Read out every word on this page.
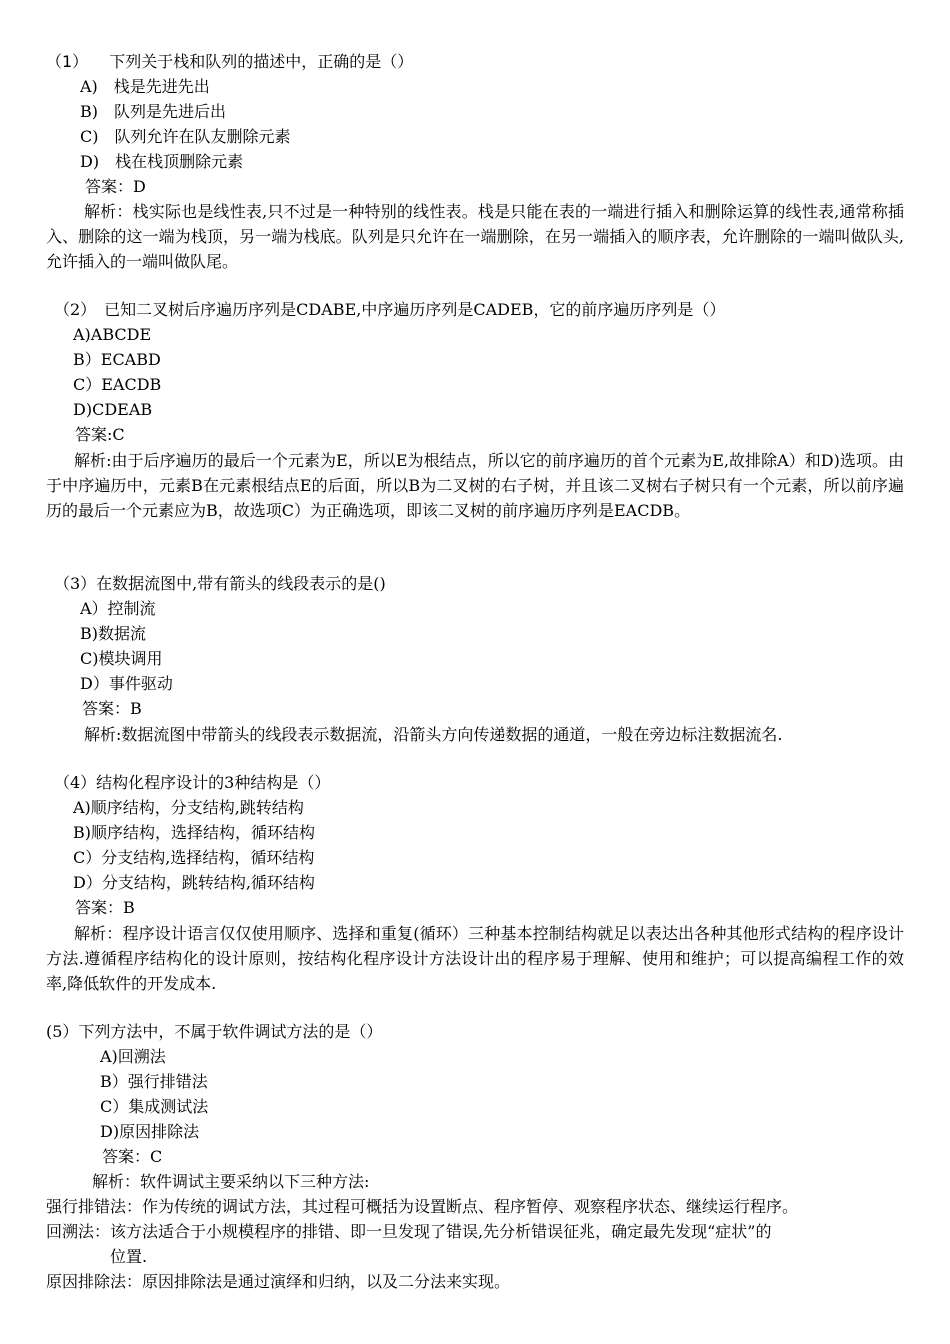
（1）  下列关于栈和队列的描述中，正确的是（）
A)　栈是先进先出
B)　队列是先进后出
C)　队列允许在队友删除元素
D)　栈在栈顶删除元素
答案：D
解析：栈实际也是线性表,只不过是一种特别的线性表。栈是只能在表的一端进行插入和删除运算的线性表,通常称插入、删除的这一端为栈顶，另一端为栈底。队列是只允许在一端删除，在另一端插入的顺序表，允许删除的一端叫做队头,允许插入的一端叫做队尾。
（2）　已知二叉树后序遍历序列是CDABE,中序遍历序列是CADEB，它的前序遍历序列是（）
A)ABCDE
B）ECABD
C）EACDB
D)CDEAB
答案:C
解析:由于后序遍历的最后一个元素为E，所以E为根结点，所以它的前序遍历的首个元素为E,故排除A）和D)选项。由于中序遍历中，元素B在元素根结点E的后面，所以B为二叉树的右子树，并且该二叉树右子树只有一个元素，所以前序遍历的最后一个元素应为B，故选项C）为正确选项，即该二叉树的前序遍历序列是EACDB。
（3）在数据流图中,带有箭头的线段表示的是()
A）控制流
B)数据流
C)模块调用
D）事件驱动
答案：B
解析:数据流图中带箭头的线段表示数据流，沿箭头方向传递数据的通道，一般在旁边标注数据流名.
（4）结构化程序设计的3种结构是（）
A)顺序结构，分支结构,跳转结构
B)顺序结构，选择结构，循环结构
C）分支结构,选择结构，循环结构
D）分支结构，跳转结构,循环结构
答案：B
解析：程序设计语言仅仅使用顺序、选择和重复(循环）三种基本控制结构就足以表达出各种其他形式结构的程序设计方法.遵循程序结构化的设计原则，按结构化程序设计方法设计出的程序易于理解、使用和维护；可以提高编程工作的效率,降低软件的开发成本.
(5）下列方法中，不属于软件调试方法的是（）
A)回溯法
B）强行排错法
C）集成测试法
D)原因排除法
答案：C
解析：软件调试主要采纳以下三种方法:
强行排错法：作为传统的调试方法，其过程可概括为设置断点、程序暂停、观察程序状态、继续运行程序。
回溯法：该方法适合于小规模程序的排错、即一旦发现了错误,先分析错误征兆，确定最先发现“症状”的
位置.
原因排除法：原因排除法是通过演绎和归纳，以及二分法来实现。
